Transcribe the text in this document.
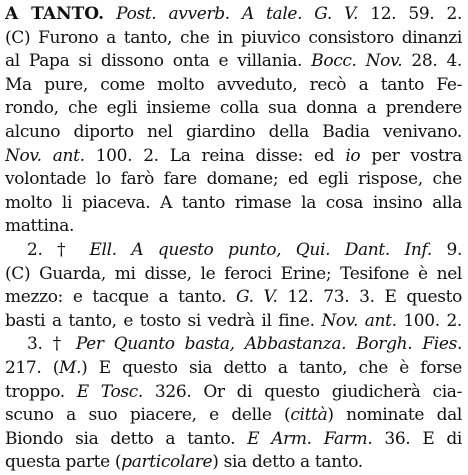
A TANTO. Post. avverb. A tale. G. V. 12. 59. 2.
(C) Furono a tanto, che in piuvico consistoro dinanzi
al Papa si dissono onta e villania. Bocc. Nov. 28. 4.
Ma pure, come molto avveduto, recò a tanto Fe-
rondo, che egli insieme colla sua donna a prendere
alcuno diporto nel giardino della Badia venivano.
Nov. ant. 100. 2. La reina disse: ed io per vostra
volontade lo farò fare domane; ed egli rispose, che
molto li piaceva. A tanto rimase la cosa insino alla
mattina.
2. † Ell. A questo punto, Qui. Dant. Inf. 9.
(C) Guarda, mi disse, le feroci Erine; Tesifone è nel
mezzo: e tacque a tanto. G. V. 12. 73. 3. E questo
basti a tanto, e tosto si vedrà il fine. Nov. ant. 100. 2.
3. † Per Quanto basta, Abbastanza. Borgh. Fies.
217. (M.) E questo sia detto a tanto, che è forse
troppo. E Tosc. 326. Or di questo giudicherà cia-
scuno a suo piacere, e delle (città) nominate dal
Biondo sia detto a tanto. E Arm. Farm. 36. E di
questa parte (particolare) sia detto a tanto.
